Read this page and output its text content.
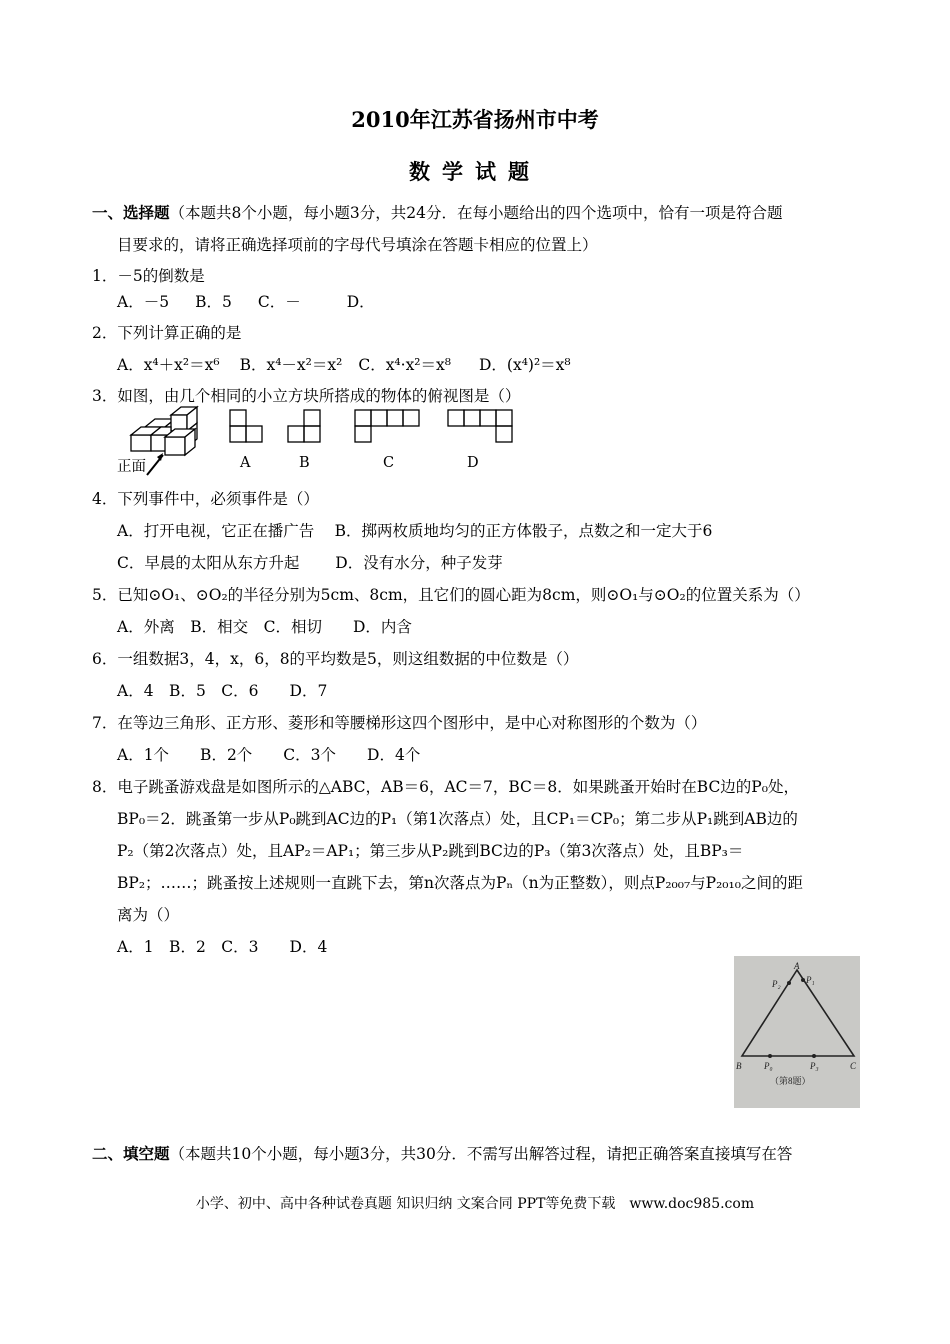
2010年江苏省扬州市中考
数学试题
一、选择题（本题共8个小题，每小题3分，共24分．在每小题给出的四个选项中，恰有一项是符合题
目要求的，请将正确选择项前的字母代号填涂在答题卡相应的位置上）
1．－5的倒数是
A．－5 B．5 C．－	D．
2．下列计算正确的是
A．x⁴＋x²＝x⁶ B．x⁴－x²＝x² C．x⁴·x²＝x⁸ D．(x⁴)²＝x⁸
3．如图，由几个相同的小立方块所搭成的物体的俯视图是（）
正面	A	B	C	D
4．下列事件中，必须事件是（）
A．打开电视，它正在播广告　 B．掷两枚质地均匀的正方体骰子，点数之和一定大于6
C．早晨的太阳从东方升起　　 D．没有水分，种子发芽
5．已知⊙O₁、⊙O₂的半径分别为5cm、8cm，且它们的圆心距为8cm，则⊙O₁与⊙O₂的位置关系为（）
A．外离　B．相交　C．相切　　D．内含
6．一组数据3，4，x，6，8的平均数是5，则这组数据的中位数是（）
A．4　B．5　C．6　　D．7
7．在等边三角形、正方形、菱形和等腰梯形这四个图形中，是中心对称图形的个数为（）
A．1个　　B．2个　　C．3个　　D．4个
8．电子跳蚤游戏盘是如图所示的△ABC，AB＝6，AC＝7，BC＝8．如果跳蚤开始时在BC边的P₀处，
BP₀＝2．跳蚤第一步从P₀跳到AC边的P₁（第1次落点）处，且CP₁＝CP₀；第二步从P₁跳到AB边的
P₂（第2次落点）处，且AP₂＝AP₁；第三步从P₂跳到BC边的P₃（第3次落点）处，且BP₃＝
BP₂；……；跳蚤按上述规则一直跳下去，第n次落点为Pₙ（n为正整数），则点P₂₀₀₇与P₂₀₁₀之间的距
离为（）
A．1　B．2　C．3　　D．4
A
P₂	P₁
B	P₀	P₃	C
（第8题）
二、填空题（本题共10个小题，每小题3分，共30分．不需写出解答过程，请把正确答案直接填写在答
小学、初中、高中各种试卷真题 知识归纳 文案合同 PPT等免费下载　www.doc985.com
